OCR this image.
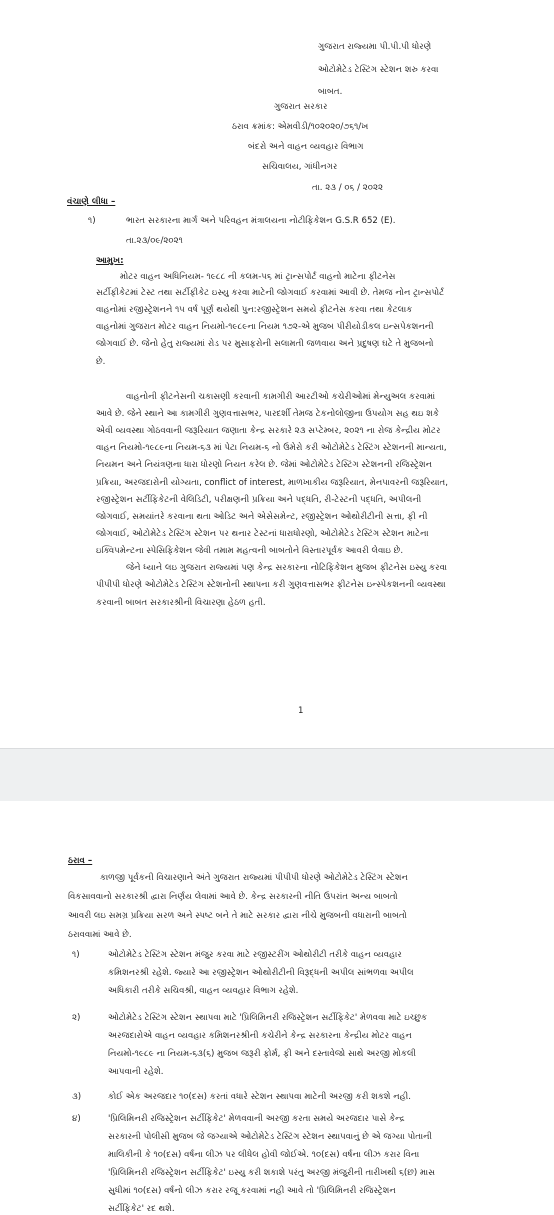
ગુજરાત રાજ્યમા પી.પી.પી ધોરણે

ઓટોમેટેડ ટેસ્ટિંગ સ્ટેશન શરુ કરવા

બાબત.

ગુજરાત સરકાર

ઠરાવ ક્રમાંક: એમવીડી/૧૦૨૦૨૦/૭૬૧/ખ

બંદરો અને વાહન વ્યવહાર વિભાગ

સચિવાલય, ગાંધીનગર

તા. ૨૩ / ૦૬ / ૨૦૨૨

વંચાણે લીધા –

૧)	ભારત સરકારના માર્ગ અને પરિવહન મંત્રાલયના નોટીફિકેશન G.S.R 652 (E).

તા.૨૩/૦૯/૨૦૨૧

આમુખ:

મોટર વાહન અધિનિયમ- ૧૯૮૮ ની કલમ-૫૬ માં ટ્રાન્સપોર્ટ વાહનો માટેના ફીટનેસ

સર્ટીફીકેટમાં ટેસ્ટ તથા સર્ટીફીકેટ ઇસ્યુ કરવા માટેની જોગવાઈ કરવામાં આવી છે. તેમજ નોન ટ્રાન્સપોર્ટ

વાહનોમાં રજીસ્ટ્રેશનને ૧૫ વર્ષ પૂર્ણ થયેથી પુન:રજીસ્ટ્રેશન સમયે ફીટનેસ કરવા તથા કેટલાક

વાહનોમાં ગુજરાત મોટર વાહન નિયમો-૧૯૮૯ના નિયમ ૧૭૨-એ મુજબ પીરીયોડીકલ ઇન્સપેકશનની

જોગવાઈ છે. જેનો હેતુ રાજ્યમાં રોડ પર મુસાફરોની સલામતી જળવાય અને પ્રદુષણ ઘટે તે મુજબનો

છે.

વાહનોની ફીટનેસની ચકાસણી કરવાની કામગીરી આરટીઓ કચેરીઓમાં મેન્યુઅલ કરવામાં

આવે છે. જેને સ્થાને આ કામગીરી ગુણવત્તાસભર, પારદર્શી તેમજ ટેકનોલોજીના ઉપયોગ સહ થઇ શકે

એવી વ્યવસ્થા ગોઠવવાની જરૂરિયાત જણાતા કેન્દ્ર સરકારે ૨૩ સપ્ટેમ્બર, ૨૦૨૧ ના રોજ કેન્દ્રીય મોટર

વાહન નિયમો-૧૯૮૯ના નિયમ-૬૩ માં પેટા નિયમ-૬ નો ઉમેરો કરી ઓટોમેટેડ ટેસ્ટિંગ સ્ટેશનની માન્યતા,

નિયમન અને નિયંત્રણના ધારા ધોરણો નિયત કરેલ છે. જેમાં ઓટોમેટેડ ટેસ્ટિંગ સ્ટેશનની રજિસ્ટ્રેશન

પ્રક્રિયા, અરજદારોની યોગ્યતા, conflict of interest, માળખાકીય જરૂરિયાત, મેનપાવરની જરૂરિયાત,

રજીસ્ટ્રેશન સર્ટીફિકેટની વેલિડિટી, પરીક્ષણની પ્રક્રિયા અને પદ્ધતિ, રી-ટેસ્ટની પદ્ધતિ, અપીલની

જોગવાઈ, સમયાંતરે કરવાના થતા ઓડિટ અને એસેસમેન્ટ, રજીસ્ટ્રેશન ઓથોરીટીની સત્તા, ફી ની

જોગવાઈ, ઓટોમેટેડ ટેસ્ટિંગ સ્ટેશન પર થનાર ટેસ્ટનાં ધારાધોરણો, ઓટોમેટેડ ટેસ્ટિંગ સ્ટેશન માટેના

ઇક્વિપમેન્ટના સ્પેસિફિકેશન જેવી તમામ મહત્વની બાબતોને વિસ્તારપૂર્વક આવરી લેવાઇ છે.

જેને ધ્યાને લઇ ગુજરાત રાજ્યમાં પણ કેન્દ્ર સરકારના નોટિફિકેશન મુજબ ફીટનેસ ઇસ્યુ કરવા

પીપીપી ધોરણે ઓટોમેટેડ ટેસ્ટિંગ સ્ટેશનોની સ્થાપના કરી ગુણવત્તાસભર ફીટનેસ ઇન્સ્પેકશનની વ્યવસ્થા

કરવાની બાબત સરકારશ્રીની વિચારણા હેઠળ હતી.

1

ઠરાવ –

કાળજી પૂર્વકની વિચારણાને અંતે ગુજરાત રાજ્યમાં પીપીપી ધોરણે ઓટોમેટેડ ટેસ્ટિંગ સ્ટેશન

વિકસાવવાનો સરકારશ્રી દ્વારા નિર્ણય લેવામાં આવે છે. કેન્દ્ર સરકારની નીતિ ઉપરાંત અન્ય બાબતો

આવરી લઇ સમગ્ર પ્રક્રિયા સરળ અને સ્પષ્ટ બને તે માટે સરકાર દ્વારા નીચે મુજબની વધારાની બાબતો

ઠરાવવામાં આવે છે.

૧)	ઓટોમેટેડ ટેસ્ટિંગ સ્ટેશન મંજુર કરવા માટે રજીસ્ટરીંગ ઓથોરીટી તરીકે વાહન વ્યવહાર

કમિશનરશ્રી રહેશે. જ્યારે આ રજીસ્ટ્રેશન ઓથોરીટીની વિરૂદ્ધની અપીલ સાંભળવા અપીલ

અધિકારી તરીકે સચિવશ્રી, વાહન વ્યવહાર વિભાગ રહેશે.

૨)	ઓટોમેટેડ ટેસ્ટિંગ સ્ટેશન સ્થાપવા માટે 'પ્રિલિમિનરી રજિસ્ટ્રેશન સર્ટીફિકેટ' મેળવવા માટે ઇચ્છુક

અરજદારોએ વાહન વ્યવહાર કમિશનરશ્રીની કચેરીને કેન્દ્ર સરકારના કેન્દ્રીય મોટર વાહન

નિયમો-૧૯૮૯ ના નિયમ-૬૩(૬) મુજબ જરૂરી ફોર્મ, ફી અને દસ્તાવેજો સાથે અરજી મોકલી

આપવાની રહેશે.

૩)	કોઈ એક અરજદાર ૧૦(દસ) કરતાં વધારે સ્ટેશન સ્થાપવા માટેની અરજી કરી શકશે નહી.

૪)	'પ્રિલિમિનરી રજિસ્ટ્રેશન સર્ટીફિકેટ' મેળવવાની અરજી કરતા સમયે અરજદાર પાસે કેન્દ્ર

સરકારની પોલીસી મુજબ જે જગ્યાએ ઓટોમેટેડ ટેસ્ટિંગ સ્ટેશન સ્થાપવાનું છે એ જગ્યા પોતાની

માલિકીની કે ૧૦(દસ) વર્ષના લીઝ પર લીધેલ હોવી જોઈએ. ૧૦(દસ) વર્ષના લીઝ કરાર વિના

'પ્રિલિમિનરી રજિસ્ટ્રેશન સર્ટીફિકેટ' ઇસ્યુ કરી શકાશે પરંતુ અરજી મંજુરીની તારીખથી ૬(છ) માસ

સુધીમાં ૧૦(દસ) વર્ષનો લીઝ કરાર રજૂ કરવામાં નહી આવે તો 'પ્રિલિમિનરી રજિસ્ટ્રેશન

સર્ટીફિકેટ' રદ થશે.
